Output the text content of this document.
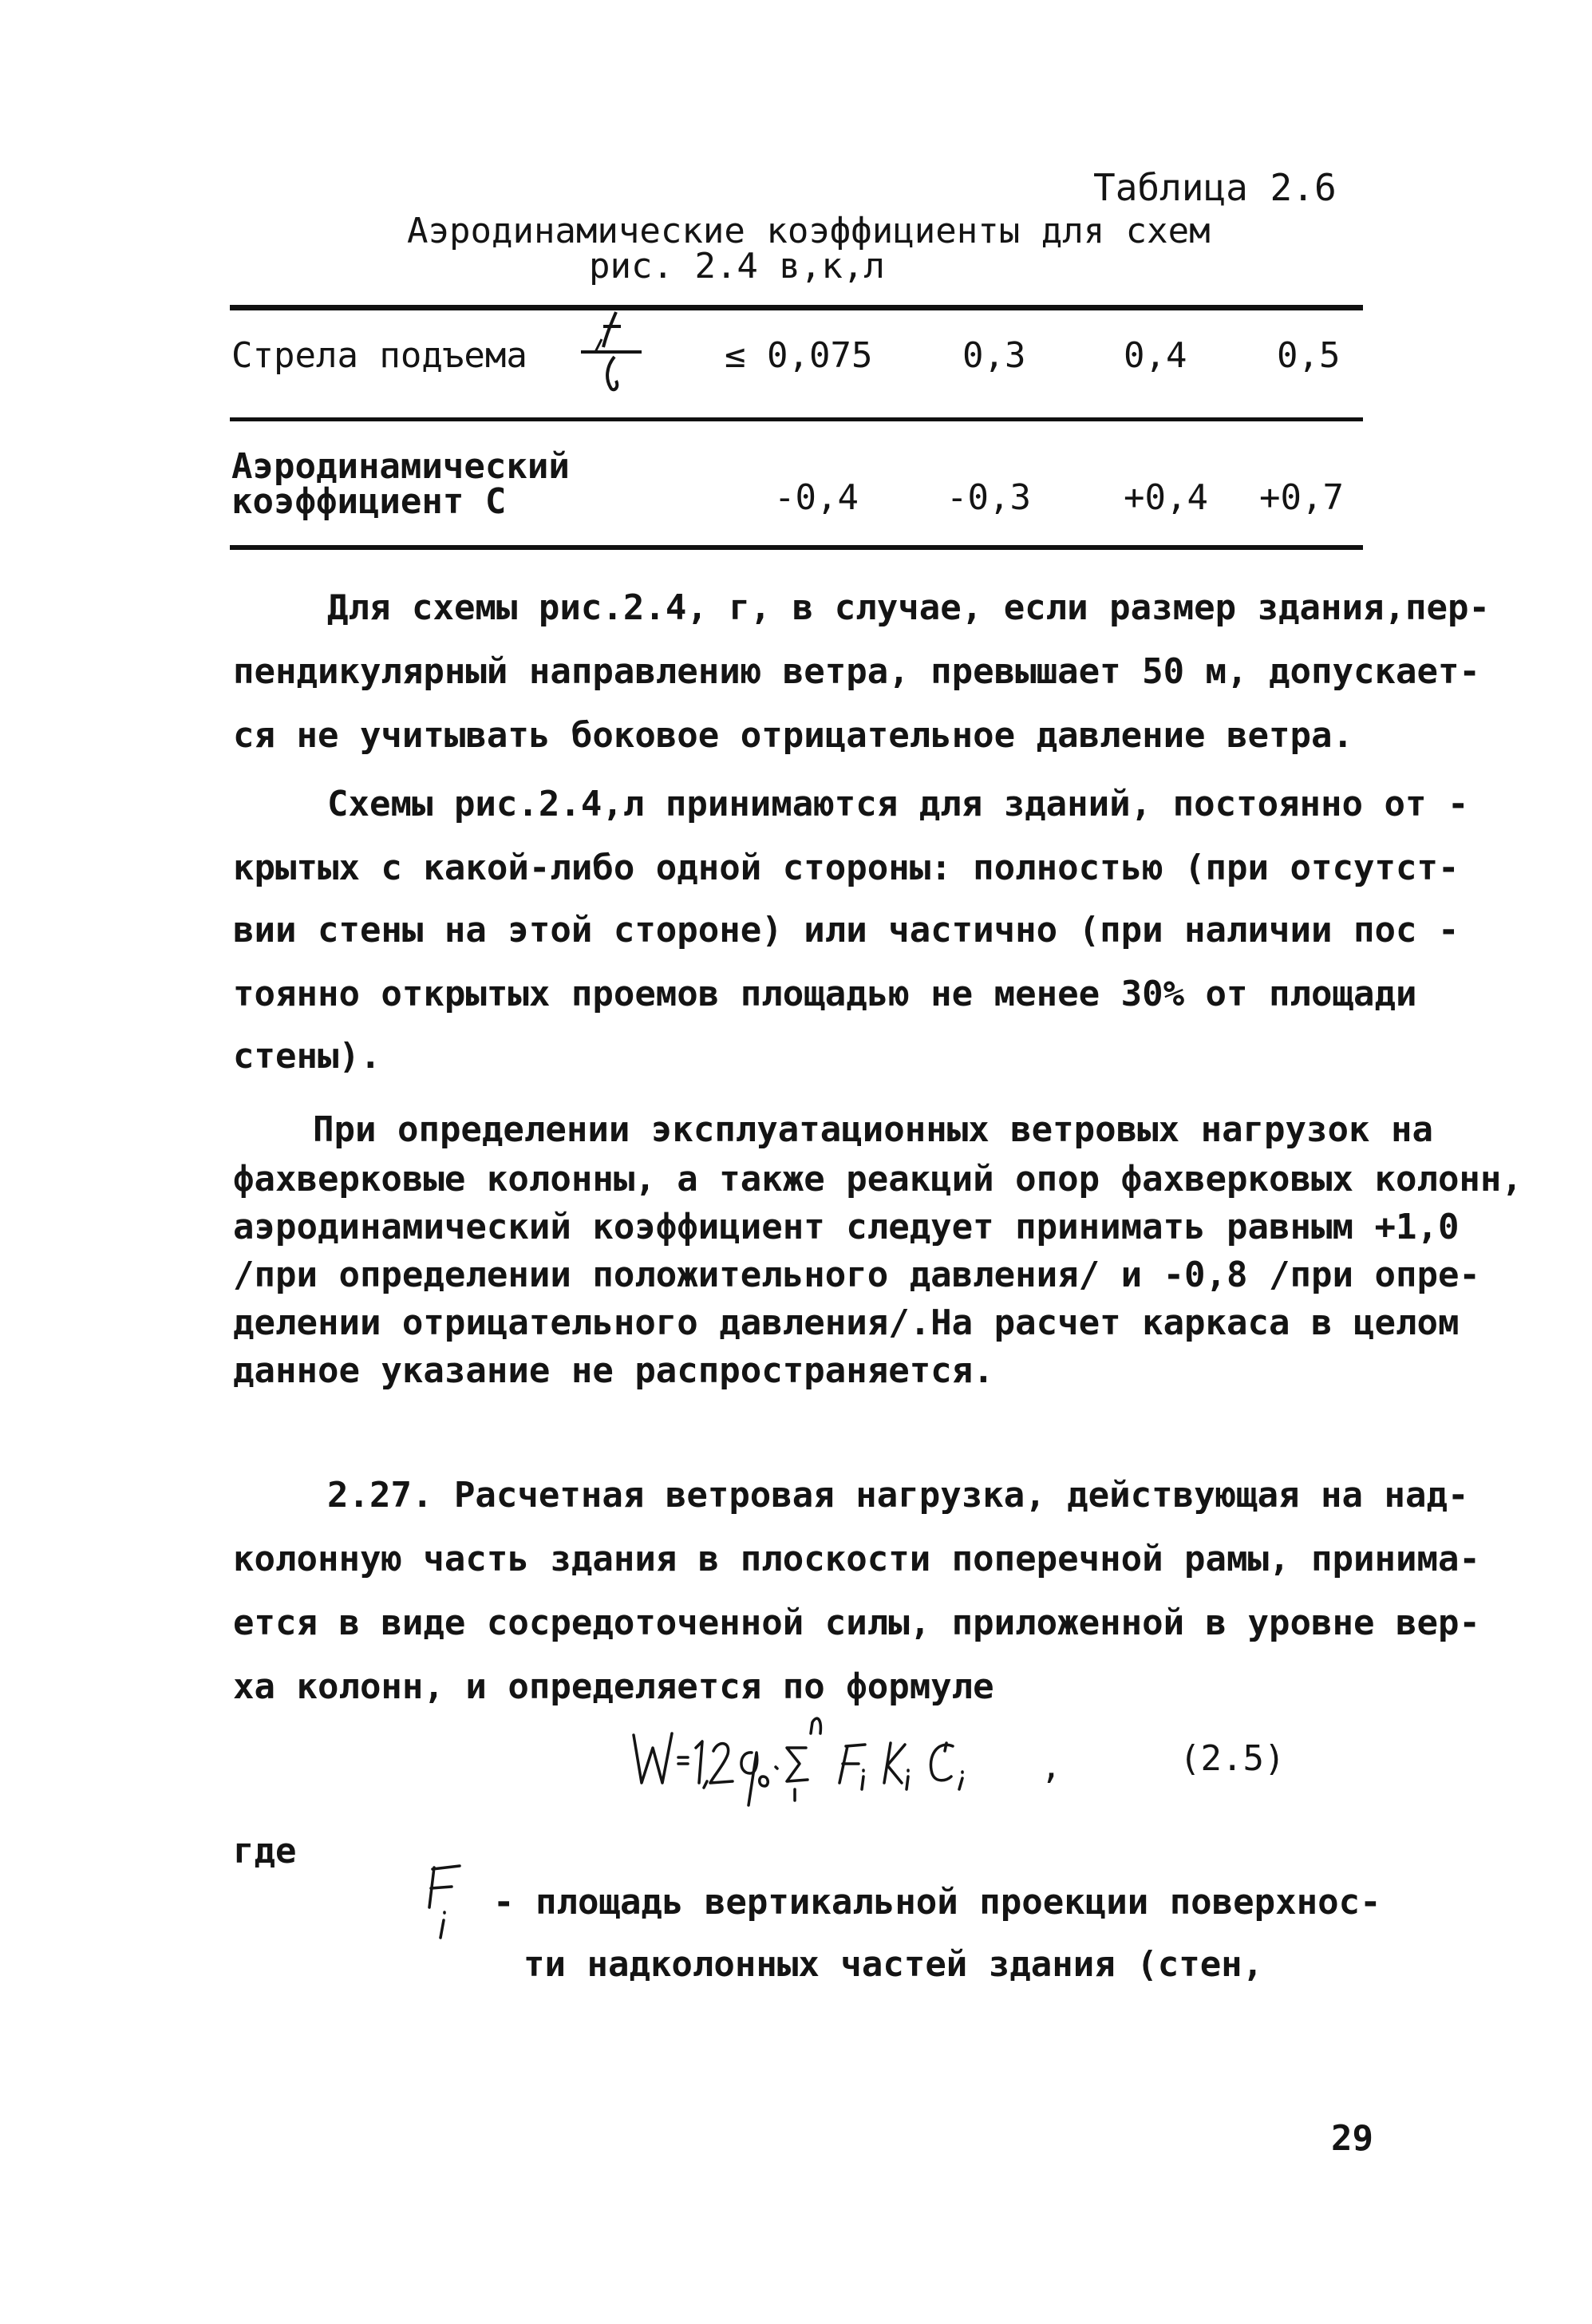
Таблица 2.6
Аэродинамические коэффициенты для схем
рис. 2.4 в,к,л
Стрела подъема	≤ 0,075	0,3	0,4	0,5
Аэродинамический
коэффициент С	-0,4	-0,3	+0,4 +0,7
Для схемы рис.2.4, г, в случае, если размер здания,пер-
пендикулярный направлению ветра, превышает 50 м, допускает-
ся не учитывать боковое отрицательное давление ветра.
Схемы рис.2.4,л принимаются для зданий, постоянно от -
крытых с какой-либо одной стороны: полностью (при отсутст-
вии стены на этой стороне) или частично (при наличии пос -
тоянно открытых проемов площадью не менее 30% от площади
стены).
При определении эксплуатационных ветровых нагрузок на
фахверковые колонны, а также реакций опор фахверковых колонн,
аэродинамический коэффициент следует принимать равным +1,0
/при определении положительного давления/ и -0,8 /при опре-
делении отрицательного давления/.На расчет каркаса в целом
данное указание не распространяется.
2.27. Расчетная ветровая нагрузка, действующая на над-
колонную часть здания в плоскости поперечной рамы, принима-
ется в виде сосредоточенной силы, приложенной в уровне вер-
ха колонн, и определяется по формуле
,	(2.5)
где
- площадь вертикальной проекции поверхнос-
ти надколонных частей здания (стен,
29
